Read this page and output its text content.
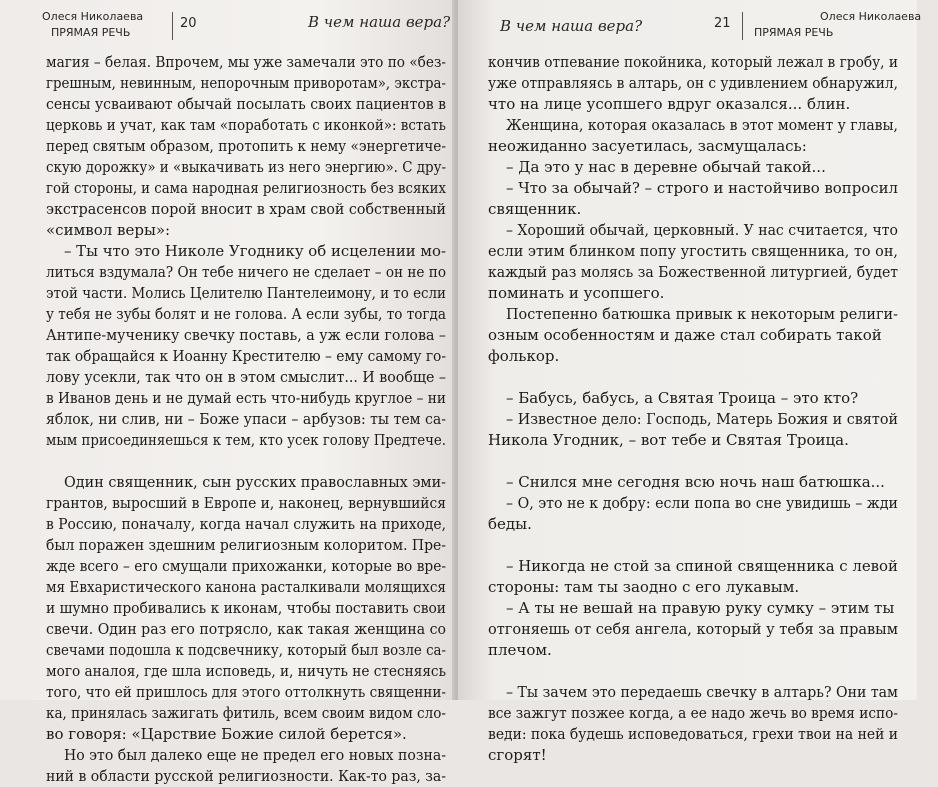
Олеся Николаева
ПРЯМАЯ РЕЧЬ
20	В чем наша вера?
магия – белая. Впрочем, мы уже замечали это по «без-
грешным, невинным, непорочным приворотам», экстра-
сенсы усваивают обычай посылать своих пациентов в
церковь и учат, как там «поработать с иконкой»: встать
перед святым образом, протопить к нему «энергетиче-
скую дорожку» и «выкачивать из него энергию». С дру-
гой стороны, и сама народная религиозность без всяких
экстрасенсов порой вносит в храм свой собственный
«символ веры»:
– Ты что это Николе Угоднику об исцелении мо-
литься вздумала? Он тебе ничего не сделает – он не по
этой части. Молись Целителю Пантелеимону, и то если
у тебя не зубы болят и не голова. А если зубы, то тогда
Антипе-мученику свечку поставь, а уж если голова –
так обращайся к Иоанну Крестителю – ему самому го-
лову усекли, так что он в этом смыслит... И вообще –
в Иванов день и не думай есть что-нибудь круглое – ни
яблок, ни слив, ни – Боже упаси – арбузов: ты тем са-
мым присоединяешься к тем, кто усек голову Предтече.
Один священник, сын русских православных эми-
грантов, выросший в Европе и, наконец, вернувшийся
в Россию, поначалу, когда начал служить на приходе,
был поражен здешним религиозным колоритом. Пре-
жде всего – его смущали прихожанки, которые во вре-
мя Евхаристического канона расталкивали молящихся
и шумно пробивались к иконам, чтобы поставить свои
свечи. Один раз его потрясло, как такая женщина со
свечами подошла к подсвечнику, который был возле са-
мого аналоя, где шла исповедь, и, ничуть не стесняясь
того, что ей пришлось для этого оттолкнуть священни-
ка, принялась зажигать фитиль, всем своим видом сло-
во говоря: «Царствие Божие силой берется».
Но это был далеко еще не предел его новых позна-
ний в области русской религиозности. Как-то раз, за-
В чем наша вера?	21	Олеся Николаева
ПРЯМАЯ РЕЧЬ
кончив отпевание покойника, который лежал в гробу, и
уже отправляясь в алтарь, он с удивлением обнаружил,
что на лице усопшего вдруг оказался... блин.
Женщина, которая оказалась в этот момент у главы,
неожиданно засуетилась, засмущалась:
– Да это у нас в деревне обычай такой...
– Что за обычай? – строго и настойчиво вопросил
священник.
– Хороший обычай, церковный. У нас считается, что
если этим блинком попу угостить священника, то он,
каждый раз молясь за Божественной литургией, будет
поминать и усопшего.
Постепенно батюшка привык к некоторым религи-
озным особенностям и даже стал собирать такой
фолькор.
– Бабусь, бабусь, а Святая Троица – это кто?
– Известное дело: Господь, Матерь Божия и святой
Никола Угодник, – вот тебе и Святая Троица.
– Снился мне сегодня всю ночь наш батюшка...
– О, это не к добру: если попа во сне увидишь – жди
беды.
– Никогда не стой за спиной священника с левой
стороны: там ты заодно с его лукавым.
– А ты не вешай на правую руку сумку – этим ты
отгоняешь от себя ангела, который у тебя за правым
плечом.
– Ты зачем это передаешь свечку в алтарь? Они там
все зажгут позжее когда, а ее надо жечь во время испо-
веди: пока будешь исповедоваться, грехи твои на ней и
сгорят!
